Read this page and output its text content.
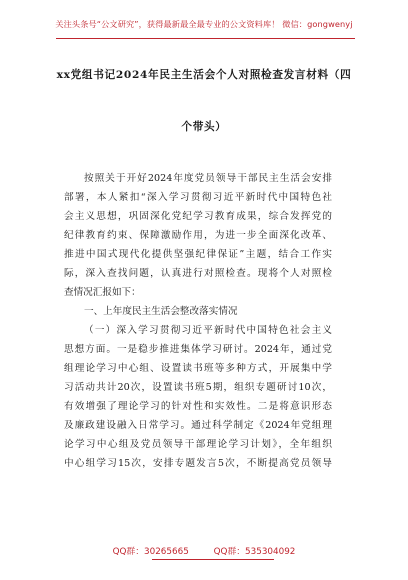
关注头条号“公文研究”，获得最新最全最专业的公文资料库！ 微信：gongwenyj
xx党组书记2024年民主生活会个人对照检查发言材料（四
个带头）
按照关于开好2024年度党员领导干部民主生活会安排
部署，本人紧扣“深入学习贯彻习近平新时代中国特色社
会主义思想，巩固深化党纪学习教育成果，综合发挥党的
纪律教育约束、保障激励作用，为进一步全面深化改革、
推进中国式现代化提供坚强纪律保证”主题，结合工作实
际，深入查找问题，认真进行对照检查。现将个人对照检
查情况汇报如下：
一、上年度民主生活会整改落实情况
（一）深入学习贯彻习近平新时代中国特色社会主义
思想方面。一是稳步推进集体学习研讨。2024年，通过党
组理论学习中心组、设置读书班等多种方式，开展集中学
习活动共计20次，设置读书班5期，组织专题研讨10次，
有效增强了理论学习的针对性和实效性。二是将意识形态
及廉政建设融入日常学习。通过科学制定《2024年党组理
论学习中心组及党员领导干部理论学习计划》，全年组织
中心组学习15次，安排专题发言5次，不断提高党员领导
QQ群：30265665	QQ群：535304092
